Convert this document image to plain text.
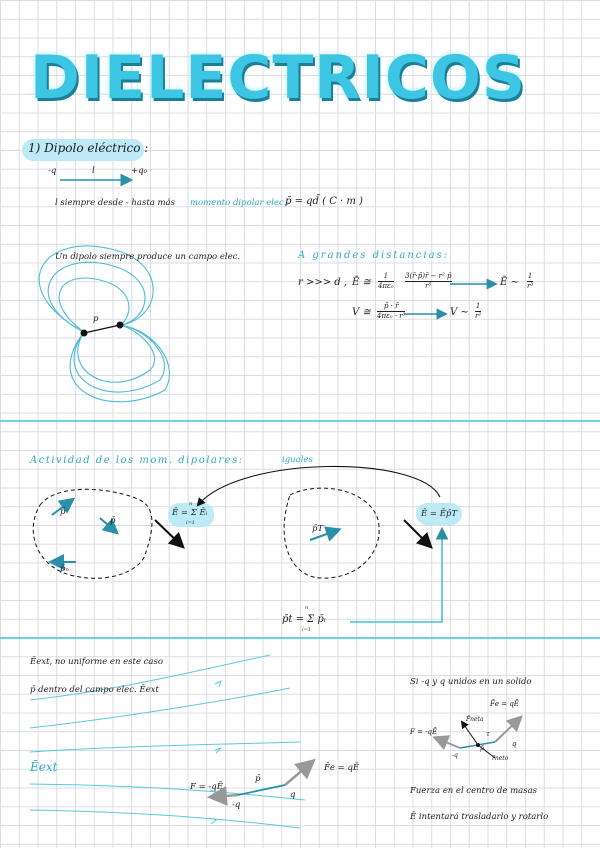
DIELECTRICOS
1) Dipolo eléctrico :
-q	l	+q₀
l siempre desde - hasta más momento dipolar elec.:
p̄ = qd̄ ( C · m )
Un dipolo siempre produce un campo elec.
p
A grandes distancias:
r >>> d , Ē ≅
1
4πε₀
3(r̄·p̄)r̄ − r² p̄
r⁵	Ē ∼
1
r³
V ≅
p̄ · r̄
4πε₀ · r³	V ∼
1
r²
Actividad de los mom. dipolares:	iguales
p̄
p̄
p̄ₙ
Ē = Σ Ēᵢ
n
i=1
p̄T
Ē = Ēp̄T
p̄t = Σ p̄ᵢ
n
i=1
Ēext, no uniforme en este caso
p̄ dentro del campo elec. Ēext
Ēext
F = -qĒ
F̄e = qĒ
p̄
-q
q
Si -q y q unidos en un solido
F̄e = qĒ
F = -qĒ
F̄neta
-q
q
p̄
r̄neto
τ
Fuerza en el centro de masas
Ē intentará trasladarlo y rotarlo
